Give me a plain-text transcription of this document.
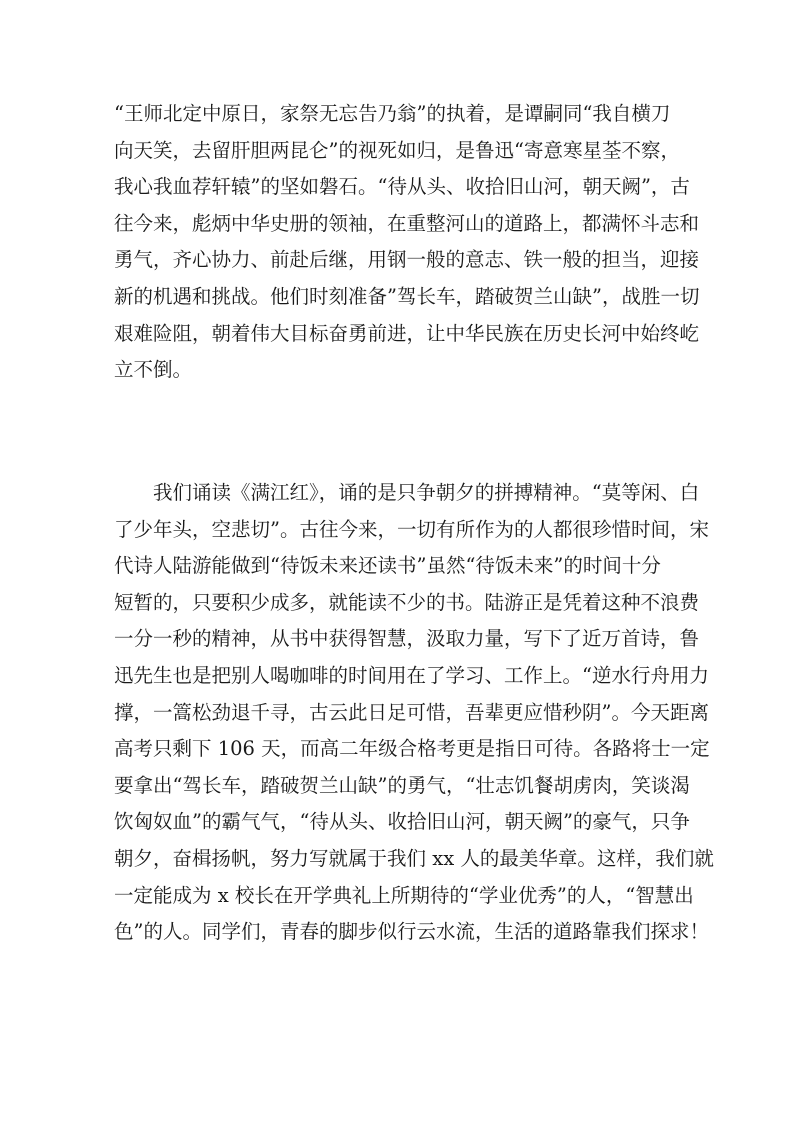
“王师北定中原日，家祭无忘告乃翁”的执着，是谭嗣同“我自横刀
向天笑，去留肝胆两昆仑”的视死如归，是鲁迅“寄意寒星荃不察，
我心我血荐轩辕”的坚如磐石。“待从头、收拾旧山河，朝天阙”，古
往今来，彪炳中华史册的领袖，在重整河山的道路上，都满怀斗志和
勇气，齐心协力、前赴后继，用钢一般的意志、铁一般的担当，迎接
新的机遇和挑战。他们时刻准备”驾长车，踏破贺兰山缺”，战胜一切
艰难险阻，朝着伟大目标奋勇前进，让中华民族在历史长河中始终屹
立不倒。

　　我们诵读《满江红》，诵的是只争朝夕的拼搏精神。“莫等闲、白
了少年头，空悲切”。古往今来，一切有所作为的人都很珍惜时间，宋
代诗人陆游能做到“待饭未来还读书”虽然“待饭未来”的时间十分
短暂的，只要积少成多，就能读不少的书。陆游正是凭着这种不浪费
一分一秒的精神，从书中获得智慧，汲取力量，写下了近万首诗，鲁
迅先生也是把别人喝咖啡的时间用在了学习、工作上。“逆水行舟用力
撑，一篙松劲退千寻，古云此日足可惜，吾辈更应惜秒阴”。今天距离
高考只剩下 106 天，而高二年级合格考更是指日可待。各路将士一定
要拿出“驾长车，踏破贺兰山缺”的勇气，“壮志饥餐胡虏肉，笑谈渴
饮匈奴血”的霸气气，“待从头、收拾旧山河，朝天阙”的豪气，只争
朝夕，奋楫扬帆，努力写就属于我们 xx 人的最美华章。这样，我们就
一定能成为 x 校长在开学典礼上所期待的“学业优秀”的人，“智慧出
色”的人。同学们，青春的脚步似行云水流，生活的道路靠我们探求！
